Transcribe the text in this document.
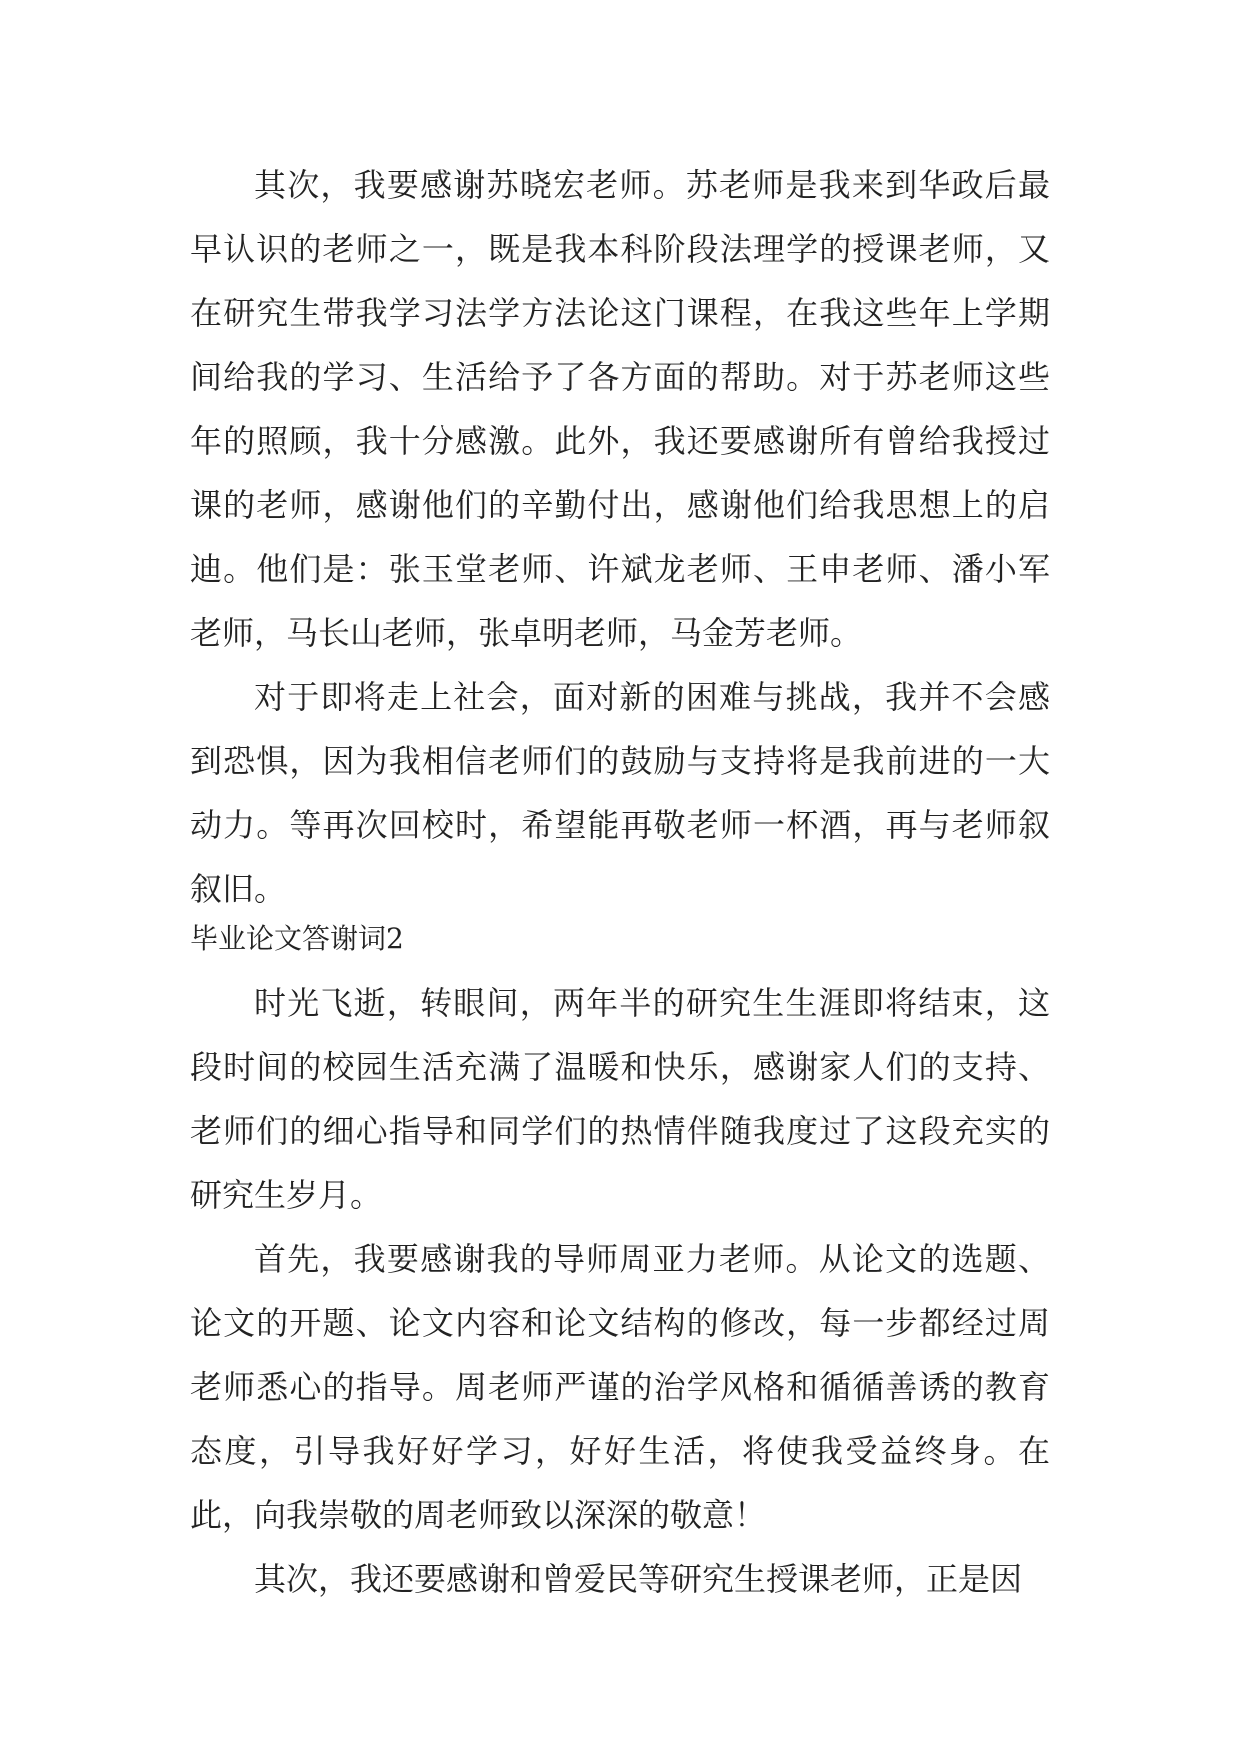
其次，我要感谢苏晓宏老师。苏老师是我来到华政后最早认识的老师之一，既是我本科阶段法理学的授课老师，又在研究生带我学习法学方法论这门课程，在我这些年上学期间给我的学习、生活给予了各方面的帮助。对于苏老师这些年的照顾，我十分感激。此外，我还要感谢所有曾给我授过课的老师，感谢他们的辛勤付出，感谢他们给我思想上的启迪。他们是：张玉堂老师、许斌龙老师、王申老师、潘小军老师，马长山老师，张卓明老师，马金芳老师。

对于即将走上社会，面对新的困难与挑战，我并不会感到恐惧，因为我相信老师们的鼓励与支持将是我前进的一大动力。等再次回校时，希望能再敬老师一杯酒，再与老师叙叙旧。

毕业论文答谢词2

时光飞逝，转眼间，两年半的研究生生涯即将结束，这段时间的校园生活充满了温暖和快乐，感谢家人们的支持、老师们的细心指导和同学们的热情伴随我度过了这段充实的研究生岁月。

首先，我要感谢我的导师周亚力老师。从论文的选题、论文的开题、论文内容和论文结构的修改，每一步都经过周老师悉心的指导。周老师严谨的治学风格和循循善诱的教育态度，引导我好好学习，好好生活，将使我受益终身。在此，向我崇敬的周老师致以深深的敬意！

其次，我还要感谢和曾爱民等研究生授课老师，正是因
